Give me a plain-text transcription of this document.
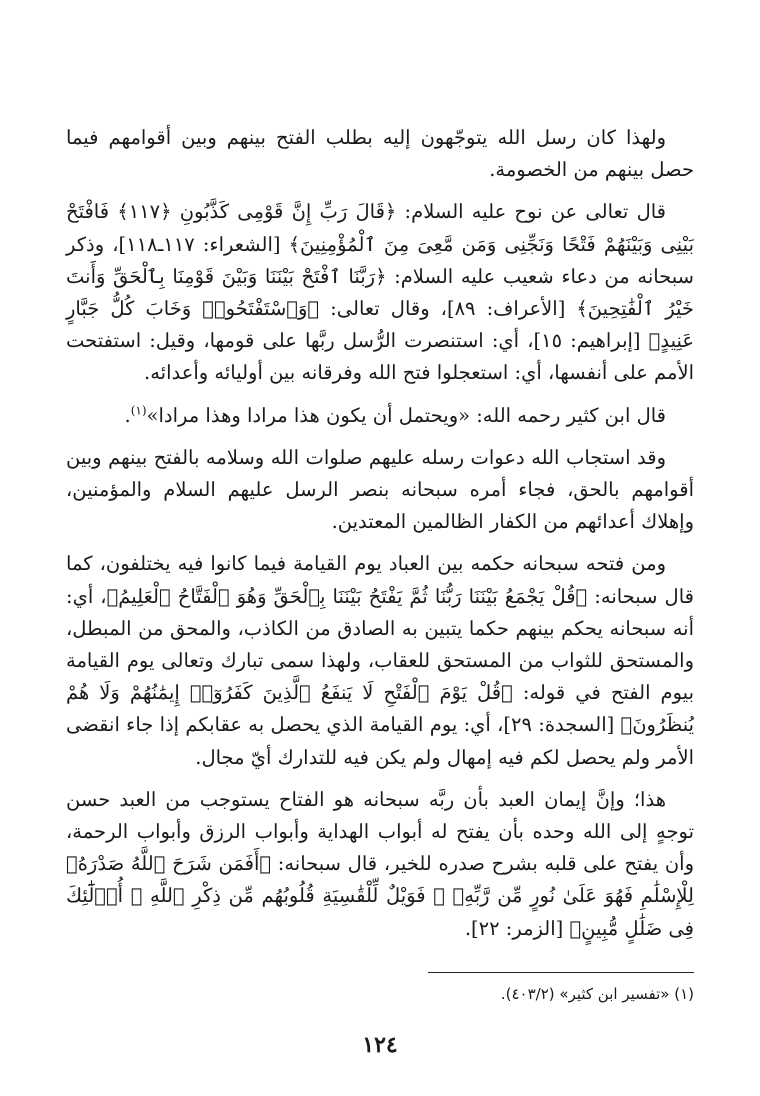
ولهذا كان رسل الله يتوجّهون إليه بطلب الفتح بينهم وبين أقوامهم فيما حصل بينهم من الخصومة.

قال تعالى عن نوح عليه السلام: ﴿قَالَ رَبِّ إِنَّ قَوْمِى كَذَّبُونِ ﴿١١٧﴾ فَافْتَحْ بَيْنِى وَبَيْنَهُمْ فَتْحًا وَنَجِّنِى وَمَن مَّعِىَ مِنَ ٱلْمُؤْمِنِينَ﴾ [الشعراء: ١١٧ـ١١٨]، وذكر سبحانه من دعاء شعيب عليه السلام: ﴿رَبَّنَا ٱفْتَحْ بَيْنَنَا وَبَيْنَ قَوْمِنَا بِٱلْحَقِّ وَأَنتَ خَيْرُ ٱلْفَٰتِحِينَ﴾ [الأعراف: ٨٩]، وقال تعالى: ﴿وَٱسْتَفْتَحُوا۟ وَخَابَ كُلُّ جَبَّارٍ عَنِيدٍ﴾ [إبراهيم: ١٥]، أي: استنصرت الرُّسل ربَّها على قومها، وقيل: استفتحت الأمم على أنفسها، أي: استعجلوا فتح الله وفرقانه بين أوليائه وأعدائه.

قال ابن كثير رحمه الله: «ويحتمل أن يكون هذا مرادا وهذا مرادا»$^{(١)}$.

وقد استجاب الله دعوات رسله عليهم صلوات الله وسلامه بالفتح بينهم وبين أقوامهم بالحق، فجاء أمره سبحانه بنصر الرسل عليهم السلام والمؤمنين، وإهلاك أعدائهم من الكفار الظالمين المعتدين.

ومن فتحه سبحانه حكمه بين العباد يوم القيامة فيما كانوا فيه يختلفون، كما قال سبحانه: ﴿قُلْ يَجْمَعُ بَيْنَنَا رَبُّنَا ثُمَّ يَفْتَحُ بَيْنَنَا بِٱلْحَقِّ وَهُوَ ٱلْفَتَّاحُ ٱلْعَلِيمُ﴾، أي: أنه سبحانه يحكم بينهم حكما يتبين به الصادق من الكاذب، والمحق من المبطل، والمستحق للثواب من المستحق للعقاب، ولهذا سمى تبارك وتعالى يوم القيامة بيوم الفتح في قوله: ﴿قُلْ يَوْمَ ٱلْفَتْحِ لَا يَنفَعُ ٱلَّذِينَ كَفَرُوٓا۟ إِيمَٰنُهُمْ وَلَا هُمْ يُنظَرُونَ﴾ [السجدة: ٢٩]، أي: يوم القيامة الذي يحصل به عقابكم إذا جاء انقضى الأمر ولم يحصل لكم فيه إمهال ولم يكن فيه للتدارك أيّ مجال.

هذا؛ وإنَّ إيمان العبد بأن ربَّه سبحانه هو الفتاح يستوجب من العبد حسن توجهٍ إلى الله وحده بأن يفتح له أبواب الهداية وأبواب الرزق وأبواب الرحمة، وأن يفتح على قلبه بشرح صدره للخير، قال سبحانه: ﴿أَفَمَن شَرَحَ ٱللَّهُ صَدْرَهُۥ لِلْإِسْلَٰمِ فَهُوَ عَلَىٰ نُورٍ مِّن رَّبِّهِۦ ۚ فَوَيْلٌ لِّلْقَٰسِيَةِ قُلُوبُهُم مِّن ذِكْرِ ٱللَّهِ ۚ أُو۟لَٰٓئِكَ فِى ضَلَٰلٍ مُّبِينٍ﴾ [الزمر: ٢٢].

(١) «تفسير ابن كثير» (٤٠٣/٢).
١٢٤
